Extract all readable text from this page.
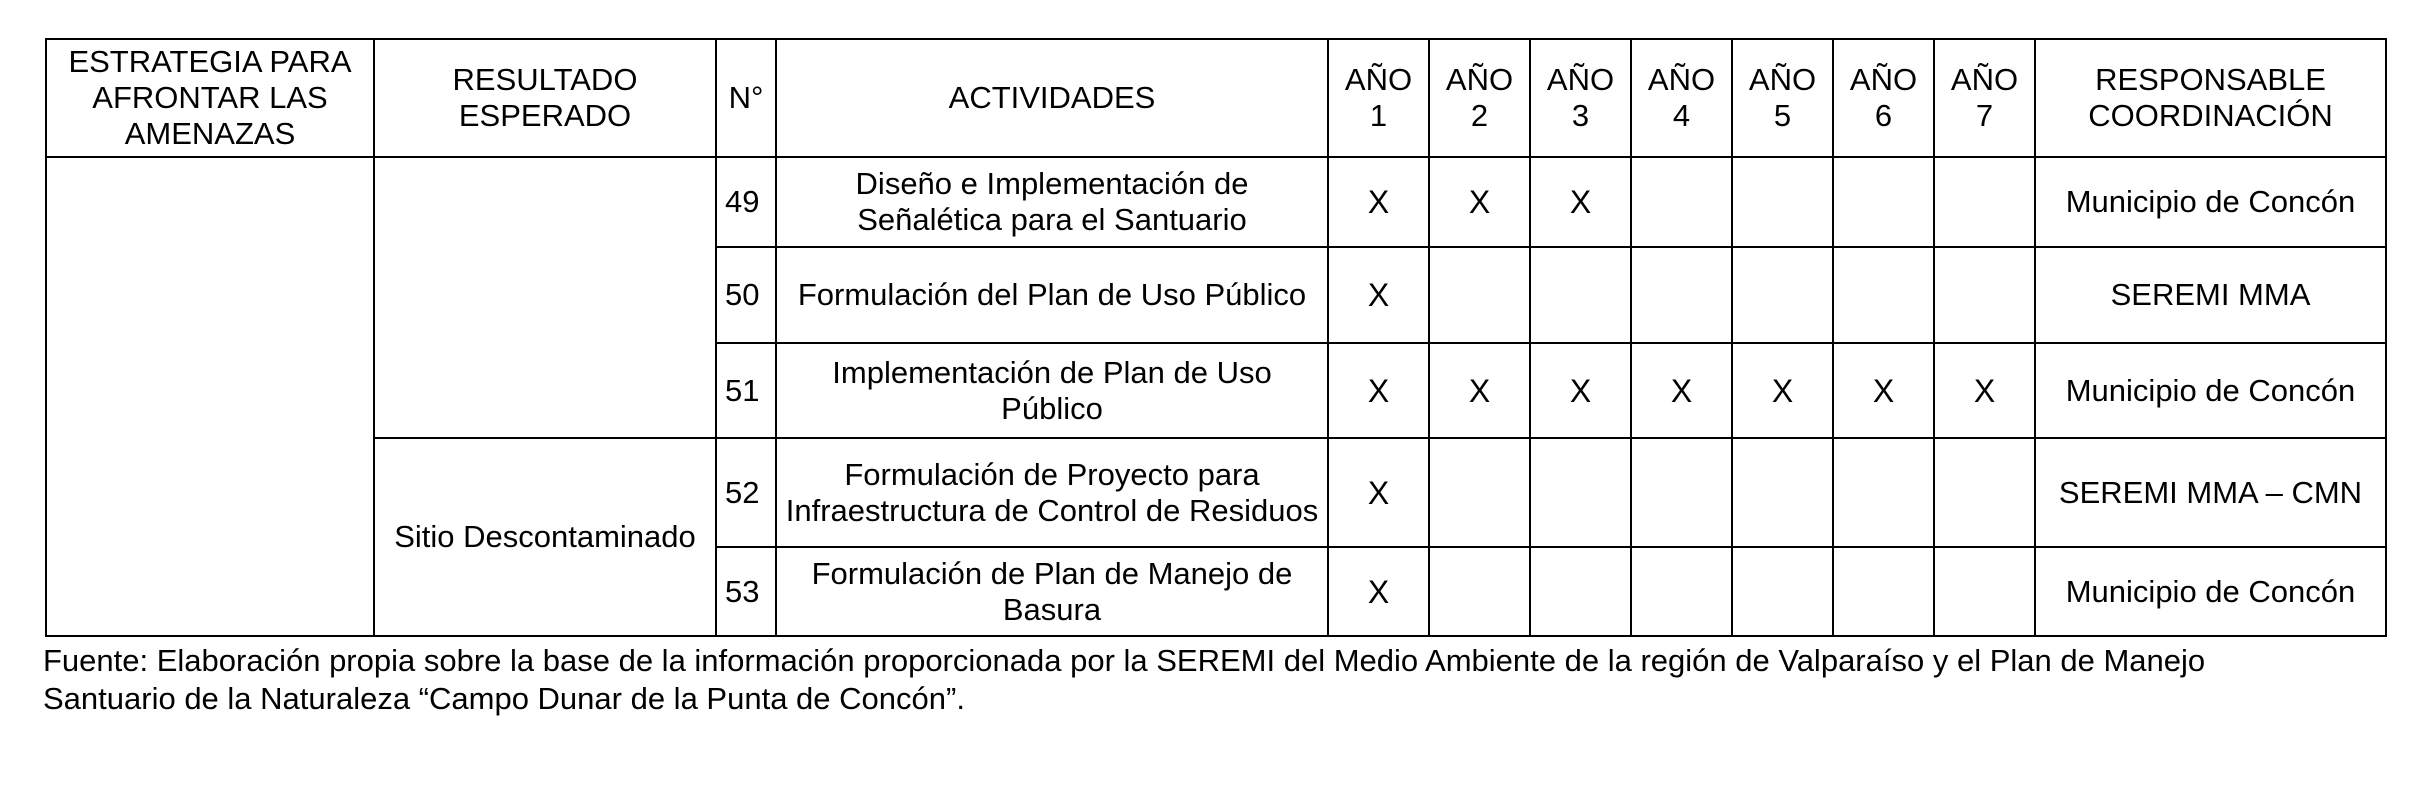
ESTRATEGIA PARA AFRONTAR LAS AMENAZAS	RESULTADO ESPERADO	N°	ACTIVIDADES	AÑO 1	AÑO 2	AÑO 3	AÑO 4	AÑO 5	AÑO 6	AÑO 7	RESPONSABLE COORDINACIÓN
		49	Diseño e Implementación de Señalética para el Santuario	X	X	X					Municipio de Concón
		50	Formulación del Plan de Uso Público	X							SEREMI MMA
		51	Implementación de Plan de Uso Público	X	X	X	X	X	X	X	Municipio de Concón
	Sitio Descontaminado	52	Formulación de Proyecto para Infraestructura de Control de Residuos	X							SEREMI MMA – CMN
		53	Formulación de Plan de Manejo de Basura	X							Municipio de Concón
Fuente: Elaboración propia sobre la base de la información proporcionada por la SEREMI del Medio Ambiente de la región de Valparaíso y el Plan de Manejo
Santuario de la Naturaleza “Campo Dunar de la Punta de Concón”.
